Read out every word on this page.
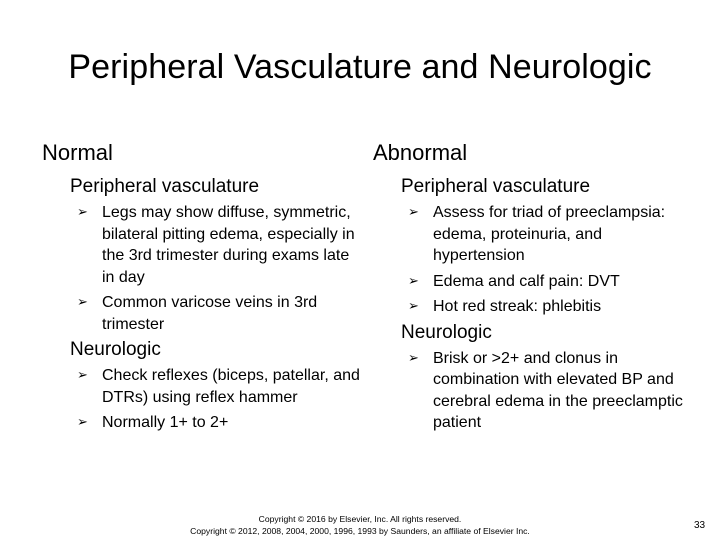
Peripheral Vasculature and Neurologic
Normal
Peripheral vasculature
➢ Legs may show diffuse, symmetric, bilateral pitting edema, especially in the 3rd trimester during exams late in day
➢ Common varicose veins in 3rd trimester
Neurologic
➢ Check reflexes (biceps, patellar, and DTRs) using reflex hammer
➢ Normally 1+ to 2+
Abnormal
Peripheral vasculature
➢ Assess for triad of preeclampsia: edema, proteinuria, and hypertension
➢ Edema and calf pain: DVT
➢ Hot red streak: phlebitis
Neurologic
➢ Brisk or >2+ and clonus in combination with elevated BP and cerebral edema in the preeclamptic patient
Copyright © 2016 by Elsevier, Inc. All rights reserved.
Copyright © 2012, 2008, 2004, 2000, 1996, 1993 by Saunders, an affiliate of Elsevier Inc.	33
